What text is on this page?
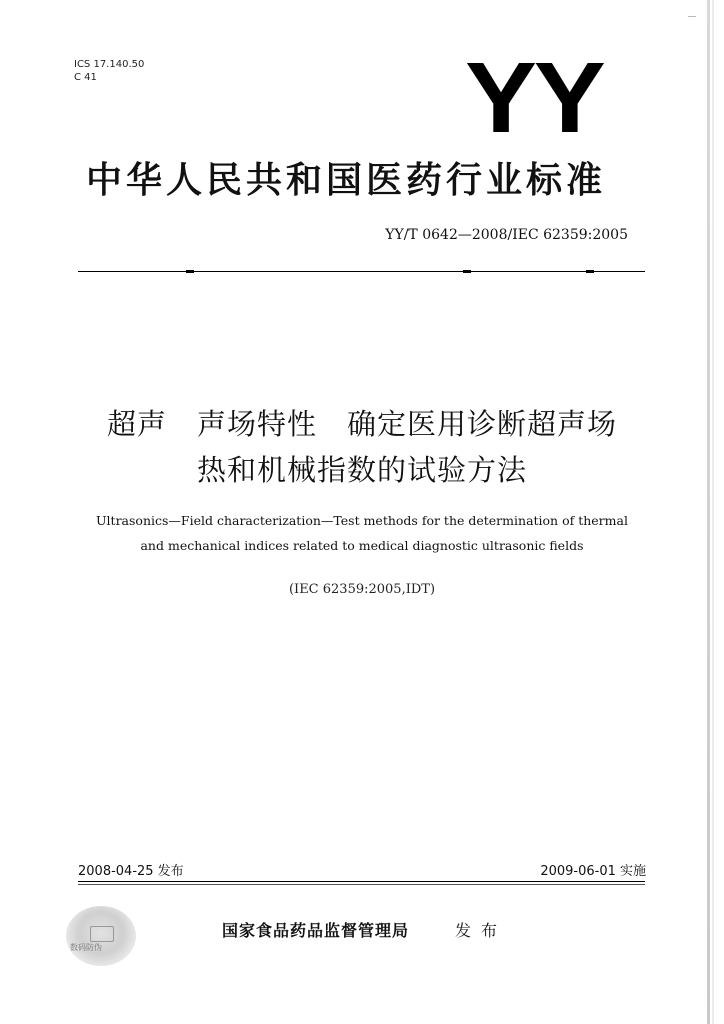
ICS 17.140.50
C 41	YY
中华人民共和国医药行业标准
YY/T 0642—2008/IEC 62359:2005
超声　声场特性　确定医用诊断超声场
热和机械指数的试验方法
Ultrasonics—Field characterization—Test methods for the determination of thermal
and mechanical indices related to medical diagnostic ultrasonic fields
(IEC 62359:2005,IDT)
2008-04-25 发布	2009-06-01 实施
数码防伪
国家食品药品监督管理局	发布
